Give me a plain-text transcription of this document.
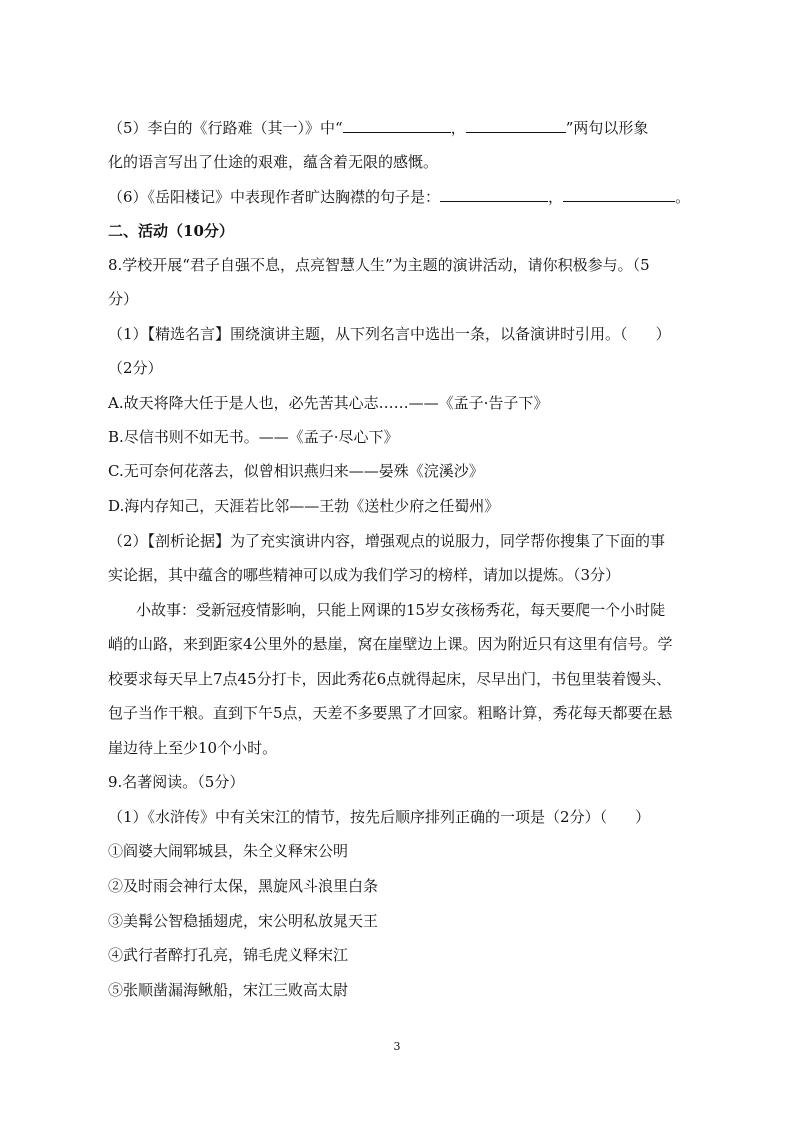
（5）李白的《行路难（其一）》中“	，	”两句以形象
化的语言写出了仕途的艰难，蕴含着无限的感慨。
（6）《岳阳楼记》中表现作者旷达胸襟的句子是：	，	。
二、活动（10分）
8.学校开展“君子自强不息，点亮智慧人生”为主题的演讲活动，请你积极参与。（5
分）
（1）【精选名言】围绕演讲主题，从下列名言中选出一条，以备演讲时引用。（ ）
（2分）
A.故天将降大任于是人也，必先苦其心志……——《孟子·告子下》
B.尽信书则不如无书。——《孟子·尽心下》
C.无可奈何花落去，似曾相识燕归来——晏殊《浣溪沙》
D.海内存知己，天涯若比邻——王勃《送杜少府之任蜀州》
（2）【剖析论据】为了充实演讲内容，增强观点的说服力，同学帮你搜集了下面的事
实论据，其中蕴含的哪些精神可以成为我们学习的榜样，请加以提炼。（3分）
小故事：受新冠疫情影响，只能上网课的15岁女孩杨秀花，每天要爬一个小时陡
峭的山路，来到距家4公里外的悬崖，窝在崖壁边上课。因为附近只有这里有信号。学
校要求每天早上7点45分打卡，因此秀花6点就得起床，尽早出门，书包里装着馒头、
包子当作干粮。直到下午5点，天差不多要黑了才回家。粗略计算，秀花每天都要在悬
崖边待上至少10个小时。
9.名著阅读。（5分）
（1）《水浒传》中有关宋江的情节，按先后顺序排列正确的一项是（2分）（ ）
①阎婆大闹郓城县，朱仝义释宋公明
②及时雨会神行太保，黑旋风斗浪里白条
③美髯公智稳插翅虎，宋公明私放晁天王
④武行者醉打孔亮，锦毛虎义释宋江
⑤张顺凿漏海鳅船，宋江三败高太尉
3
